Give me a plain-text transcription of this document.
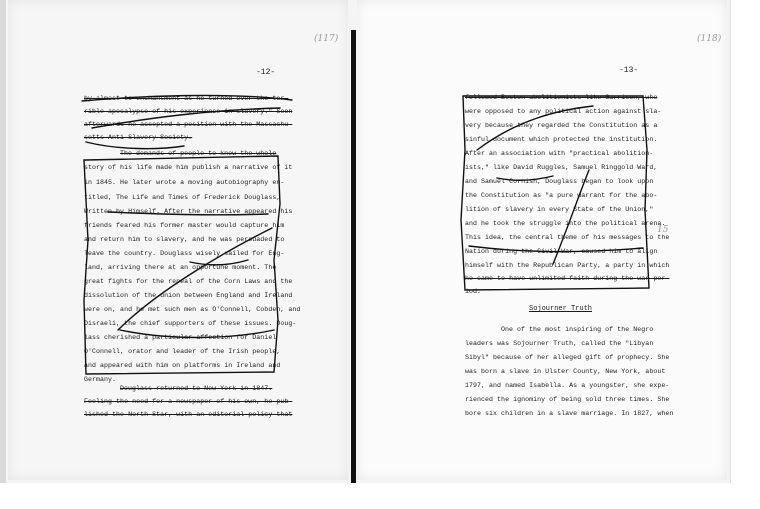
-12-
(117)
by almost to enchantment as he turned over the ter-
rible apocalypse of his experience in slavery." Soon
afterwards he accepted a position with the Massachu-
setts Anti-Slavery Society.
The demands of people to know the whole
story of his life made him publish a narrative of it
in 1845. He later wrote a moving autobiography en-
titled, The Life and Times of Frederick Douglass,
Written by Himself. After the narrative appeared his
friends feared his former master would capture him
and return him to slavery, and he was persuaded to
leave the country. Douglass wisely sailed for Eng-
land, arriving there at an opportune moment. The
great fights for the repeal of the Corn Laws and the
dissolution of the union between England and Ireland
were on, and he met such men as O'Connell, Cobden, and
Disraeli, the chief supporters of these issues. Doug-
lass cherished a particular affection for Daniel
O'Connell, orator and leader of the Irish people,
and appeared with him on platforms in Ireland and
Germany.
Douglass returned to New York in 1847.
Feeling the need for a newspaper of his own, he pub-
lished the North Star, with an editorial policy that
-13-
(118)
15
followed Boston abolitionists like Garrison, who
were opposed to any political action against sla-
very because they regarded the Constitution as a
sinful document which protected the institution.
After an association with "practical abolition-
ists," like David Ruggles, Samuel Ringgold Ward,
and Samuel Cornish, Douglass began to look upon
the Constitution as "a pure warrant for the abo-
lition of slavery in every State of the Union,"
and he took the struggle into the political arena.
This idea, the central theme of his messages to the
Nation during the Civil War, caused him to align
himself with the Republican Party, a party in which
he came to have unlimited faith during the war per-
iod.
Sojourner Truth
One of the most inspiring of the Negro
leaders was Sojourner Truth, called the "Libyan
Sibyl" because of her alleged gift of prophecy. She
was born a slave in Ulster County, New York, about
1797, and named Isabella. As a youngster, she expe-
rienced the ignominy of being sold three times. She
bore six children in a slave marriage. In 1827, when
